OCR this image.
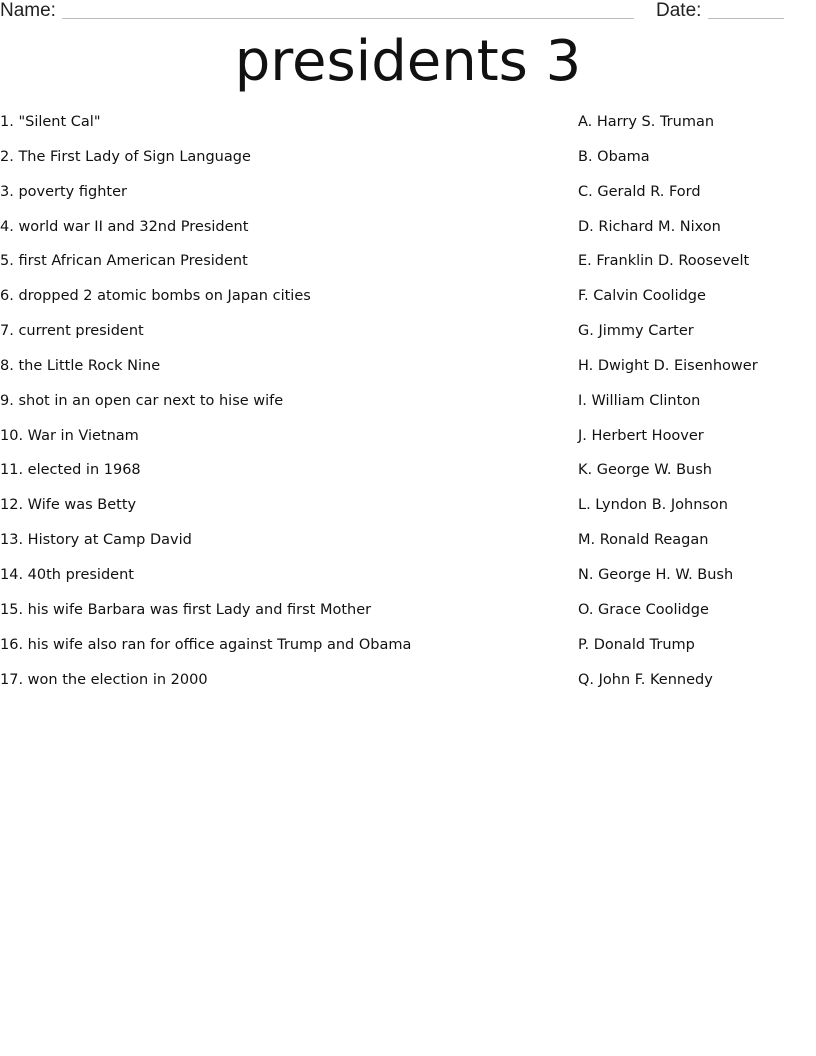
Name:	Date:
presidents 3
1. "Silent Cal"
2. The First Lady of Sign Language
3. poverty fighter
4. world war II and 32nd President
5. first African American President
6. dropped 2 atomic bombs on Japan cities
7. current president
8. the Little Rock Nine
9. shot in an open car next to hise wife
10. War in Vietnam
11. elected in 1968
12. Wife was Betty
13. History at Camp David
14. 40th president
15. his wife Barbara was first Lady and first Mother
16. his wife also ran for office against Trump and Obama
17. won the election in 2000
A. Harry S. Truman
B. Obama
C. Gerald R. Ford
D. Richard M. Nixon
E. Franklin D. Roosevelt
F. Calvin Coolidge
G. Jimmy Carter
H. Dwight D. Eisenhower
I. William Clinton
J. Herbert Hoover
K. George W. Bush
L. Lyndon B. Johnson
M. Ronald Reagan
N. George H. W. Bush
O. Grace Coolidge
P. Donald Trump
Q. John F. Kennedy
